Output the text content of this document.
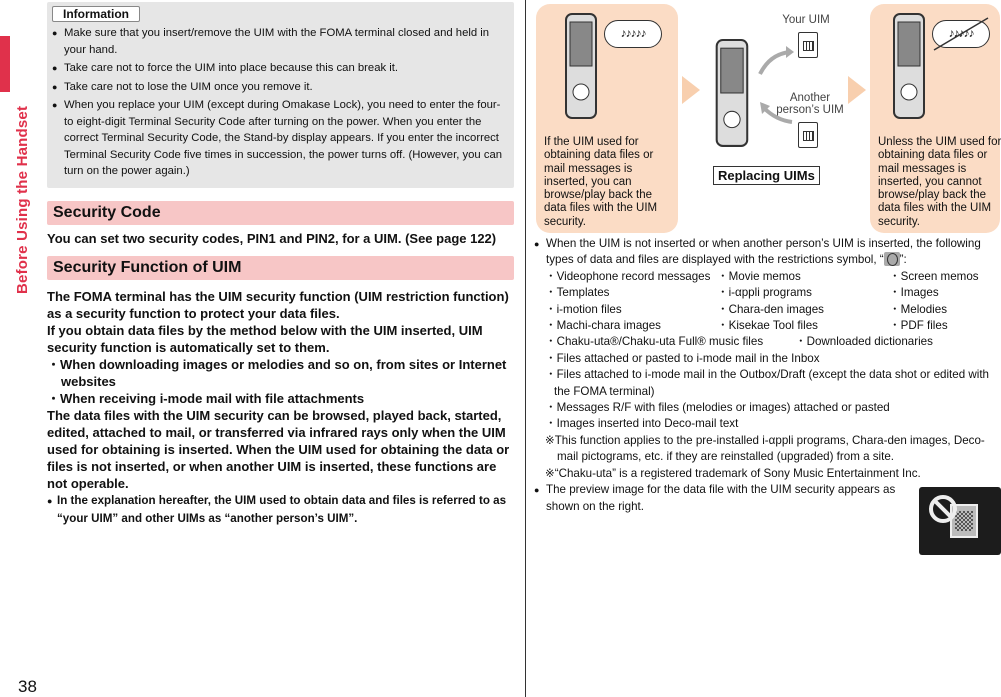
Before Using the Handset
38
Information
● Make sure that you insert/remove the UIM with the FOMA terminal closed and held in your hand.
● Take care not to force the UIM into place because this can break it.
● Take care not to lose the UIM once you remove it.
● When you replace your UIM (except during Omakase Lock), you need to enter the four- to eight-digit Terminal Security Code after turning on the power. When you enter the correct Terminal Security Code, the Stand-by display appears. If you enter the incorrect Terminal Security Code five times in succession, the power turns off. (However, you can turn on the power again.)
Security Code
You can set two security codes, PIN1 and PIN2, for a UIM. (See page 122)
Security Function of UIM
The FOMA terminal has the UIM security function (UIM restriction function) as a security function to protect your data files.
If you obtain data files by the method below with the UIM inserted, UIM security function is automatically set to them.
・When downloading images or melodies and so on, from sites or Internet websites
・When receiving i-mode mail with file attachments
The data files with the UIM security can be browsed, played back, started, edited, attached to mail, or transferred via infrared rays only when the UIM used for obtaining is inserted. When the UIM used for obtaining the data or files is not inserted, or when another UIM is inserted, these functions are not operable.
● In the explanation hereafter, the UIM used to obtain data and files is referred to as “your UIM” and other UIMs as “another person’s UIM”.
♪♪♪♪♪
If the UIM used for obtaining data files or mail messages is inserted, you can browse/play back the data files with the UIM security.
Your UIM
Another person’s UIM
Replacing UIMs
♪♪♪♪♪
Unless the UIM used for obtaining data files or mail messages is inserted, you cannot browse/play back the data files with the UIM security.
● When the UIM is not inserted or when another person’s UIM is inserted, the following types of data and files are displayed with the restrictions symbol, “ ”:
・Videophone record messages ・Movie memos	・Screen memos
・Templates	・i-αppli programs	・Images
・i-motion files	・Chara-den images	・Melodies
・Machi-chara images	・Kisekae Tool files	・PDF files
・Chaku-uta®/Chaku-uta Full® music files	・Downloaded dictionaries
・Files attached or pasted to i-mode mail in the Inbox
・Files attached to i-mode mail in the Outbox/Draft (except the data shot or edited with the FOMA terminal)
・Messages R/F with files (melodies or images) attached or pasted
・Images inserted into Deco-mail text
※This function applies to the pre-installed i-αppli programs, Chara-den images, Deco-mail pictograms, etc. if they are reinstalled (upgraded) from a site.
※“Chaku-uta” is a registered trademark of Sony Music Entertainment Inc.
● The preview image for the data file with the UIM security appears as shown on the right.
